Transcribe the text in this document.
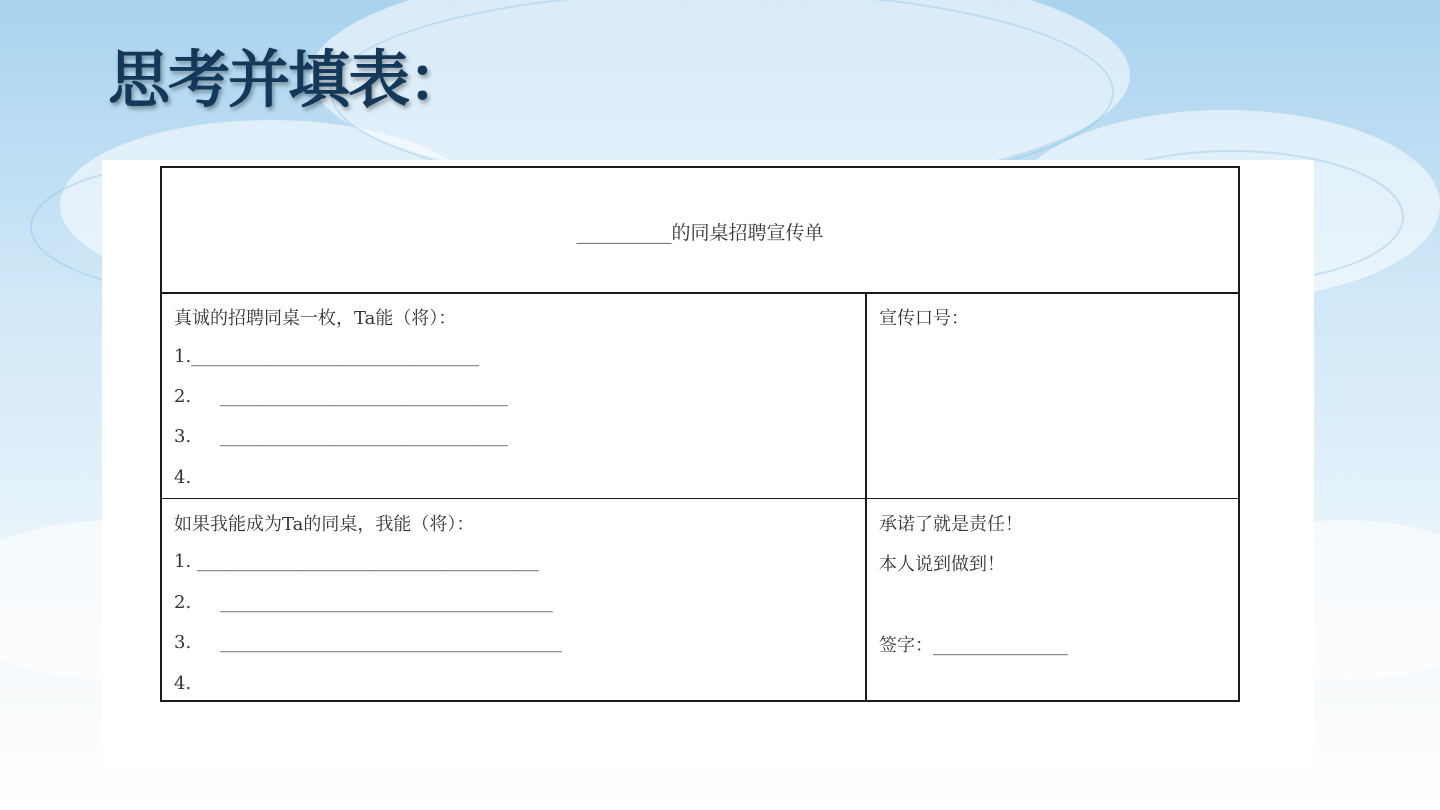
思考并填表：
__________的同桌招聘宣传单
真诚的招聘同桌一枚，Ta能（将）：
1.________________________________
2.     ________________________________
3.     ________________________________
4.
宣传口号：
如果我能成为Ta的同桌，我能（将）：
1. ______________________________________
2.     _____________________________________
3.     ______________________________________
4.
承诺了就是责任！
本人说到做到！
签字：_______________
